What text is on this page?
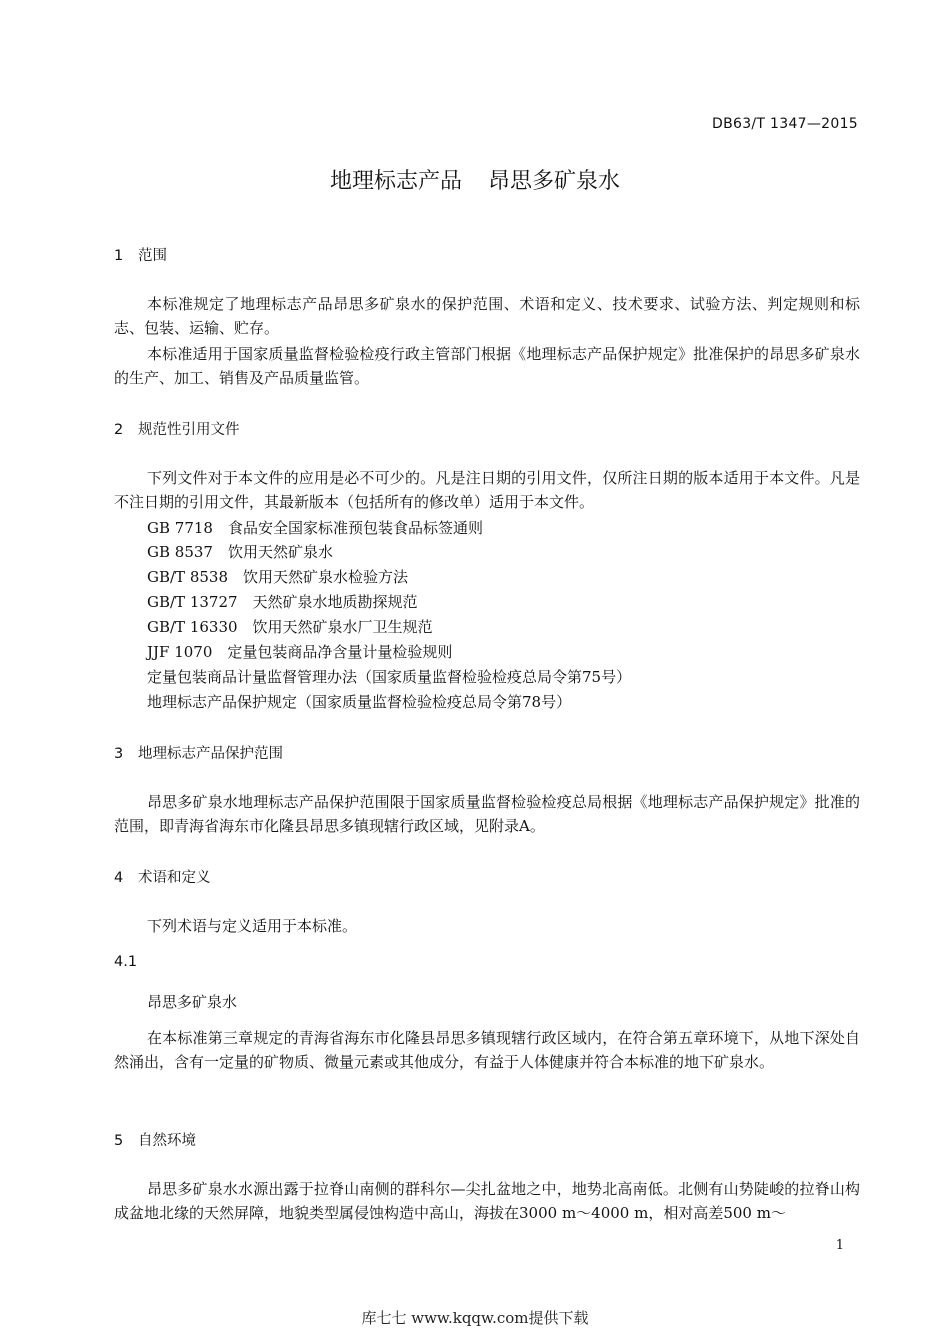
DB63/T 1347—2015
地理标志产品 昂思多矿泉水
1 范围
本标准规定了地理标志产品昂思多矿泉水的保护范围、术语和定义、技术要求、试验方法、判定规则和标志、包装、运输、贮存。
本标准适用于国家质量监督检验检疫行政主管部门根据《地理标志产品保护规定》批准保护的昂思多矿泉水的生产、加工、销售及产品质量监管。
2 规范性引用文件
下列文件对于本文件的应用是必不可少的。凡是注日期的引用文件，仅所注日期的版本适用于本文件。凡是不注日期的引用文件，其最新版本（包括所有的修改单）适用于本文件。
GB 7718　食品安全国家标准预包装食品标签通则
GB 8537　饮用天然矿泉水
GB/T 8538　饮用天然矿泉水检验方法
GB/T 13727　天然矿泉水地质勘探规范
GB/T 16330　饮用天然矿泉水厂卫生规范
JJF 1070　定量包装商品净含量计量检验规则
定量包装商品计量监督管理办法（国家质量监督检验检疫总局令第75号）
地理标志产品保护规定（国家质量监督检验检疫总局令第78号）
3 地理标志产品保护范围
昂思多矿泉水地理标志产品保护范围限于国家质量监督检验检疫总局根据《地理标志产品保护规定》批准的范围，即青海省海东市化隆县昂思多镇现辖行政区域，见附录A。
4 术语和定义
下列术语与定义适用于本标准。
4.1
昂思多矿泉水
在本标准第三章规定的青海省海东市化隆县昂思多镇现辖行政区域内，在符合第五章环境下，从地下深处自然涌出，含有一定量的矿物质、微量元素或其他成分，有益于人体健康并符合本标准的地下矿泉水。
5 自然环境
昂思多矿泉水水源出露于拉脊山南侧的群科尔—尖扎盆地之中，地势北高南低。北侧有山势陡峻的拉脊山构成盆地北缘的天然屏障，地貌类型属侵蚀构造中高山，海拔在3000 m～4000 m，相对高差500 m～
1
库七七 www.kqqw.com提供下载
